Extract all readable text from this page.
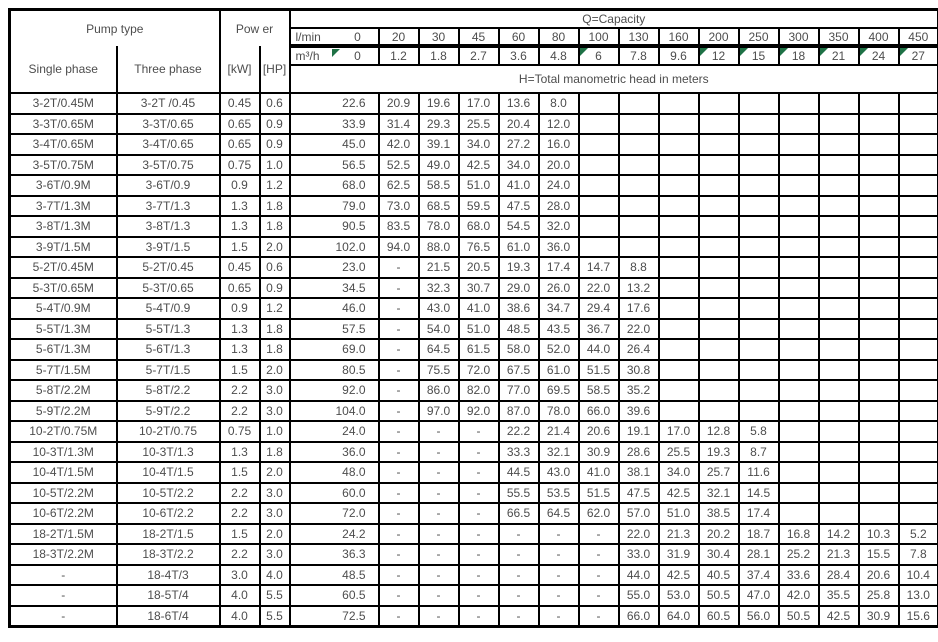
Pump type		Pow er		Q=Capacity														

				l/min 0	20	30	45	60	80	100	130	160	200	250	300	350	400	450
Single phase	Three phase	[kW]	[HP]	m³/h 0	1.2	1.8	2.7	3.6	4.8	6	7.8	9.6	12	15	18	21	24	27

				H=Total manometric head in meters														
3-2T/0.45M	3-2T /0.45	0.45	0.6	22.6	20.9	19.6	17.0	13.6	8.0									
3-3T/0.65M	3-3T/0.65	0.65	0.9	33.9	31.4	29.3	25.5	20.4	12.0									
3-4T/0.65M	3-4T/0.65	0.65	0.9	45.0	42.0	39.1	34.0	27.2	16.0									
3-5T/0.75M	3-5T/0.75	0.75	1.0	56.5	52.5	49.0	42.5	34.0	20.0									
3-6T/0.9M	3-6T/0.9	0.9	1.2	68.0	62.5	58.5	51.0	41.0	24.0									
3-7T/1.3M	3-7T/1.3	1.3	1.8	79.0	73.0	68.5	59.5	47.5	28.0									
3-8T/1.3M	3-8T/1.3	1.3	1.8	90.5	83.5	78.0	68.0	54.5	32.0									
3-9T/1.5M	3-9T/1.5	1.5	2.0	102.0	94.0	88.0	76.5	61.0	36.0									
5-2T/0.45M	5-2T/0.45	0.45	0.6	23.0	-	21.5	20.5	19.3	17.4	14.7	8.8							
5-3T/0.65M	5-3T/0.65	0.65	0.9	34.5	-	32.3	30.7	29.0	26.0	22.0	13.2							
5-4T/0.9M	5-4T/0.9	0.9	1.2	46.0	-	43.0	41.0	38.6	34.7	29.4	17.6							
5-5T/1.3M	5-5T/1.3	1.3	1.8	57.5	-	54.0	51.0	48.5	43.5	36.7	22.0							
5-6T/1.3M	5-6T/1.3	1.3	1.8	69.0	-	64.5	61.5	58.0	52.0	44.0	26.4							
5-7T/1.5M	5-7T/1.5	1.5	2.0	80.5	-	75.5	72.0	67.5	61.0	51.5	30.8							
5-8T/2.2M	5-8T/2.2	2.2	3.0	92.0	-	86.0	82.0	77.0	69.5	58.5	35.2							
5-9T/2.2M	5-9T/2.2	2.2	3.0	104.0	-	97.0	92.0	87.0	78.0	66.0	39.6							
10-2T/0.75M	10-2T/0.75	0.75	1.0	24.0	-	-	-	22.2	21.4	20.6	19.1	17.0	12.8	5.8				
10-3T/1.3M	10-3T/1.3	1.3	1.8	36.0	-	-	-	33.3	32.1	30.9	28.6	25.5	19.3	8.7				
10-4T/1.5M	10-4T/1.5	1.5	2.0	48.0	-	-	-	44.5	43.0	41.0	38.1	34.0	25.7	11.6				
10-5T/2.2M	10-5T/2.2	2.2	3.0	60.0	-	-	-	55.5	53.5	51.5	47.5	42.5	32.1	14.5				
10-6T/2.2M	10-6T/2.2	2.2	3.0	72.0	-	-	-	66.5	64.5	62.0	57.0	51.0	38.5	17.4				
18-2T/1.5M	18-2T/1.5	1.5	2.0	24.2	-	-	-	-	-	-	22.0	21.3	20.2	18.7	16.8	14.2	10.3	5.2
18-3T/2.2M	18-3T/2.2	2.2	3.0	36.3	-	-	-	-	-	-	33.0	31.9	30.4	28.1	25.2	21.3	15.5	7.8
-	18-4T/3	3.0	4.0	48.5	-	-	-	-	-	-	44.0	42.5	40.5	37.4	33.6	28.4	20.6	10.4
-	18-5T/4	4.0	5.5	60.5	-	-	-	-	-	-	55.0	53.0	50.5	47.0	42.0	35.5	25.8	13.0
-	18-6T/4	4.0	5.5	72.5	-	-	-	-	-	-	66.0	64.0	60.5	56.0	50.5	42.5	30.9	15.6
